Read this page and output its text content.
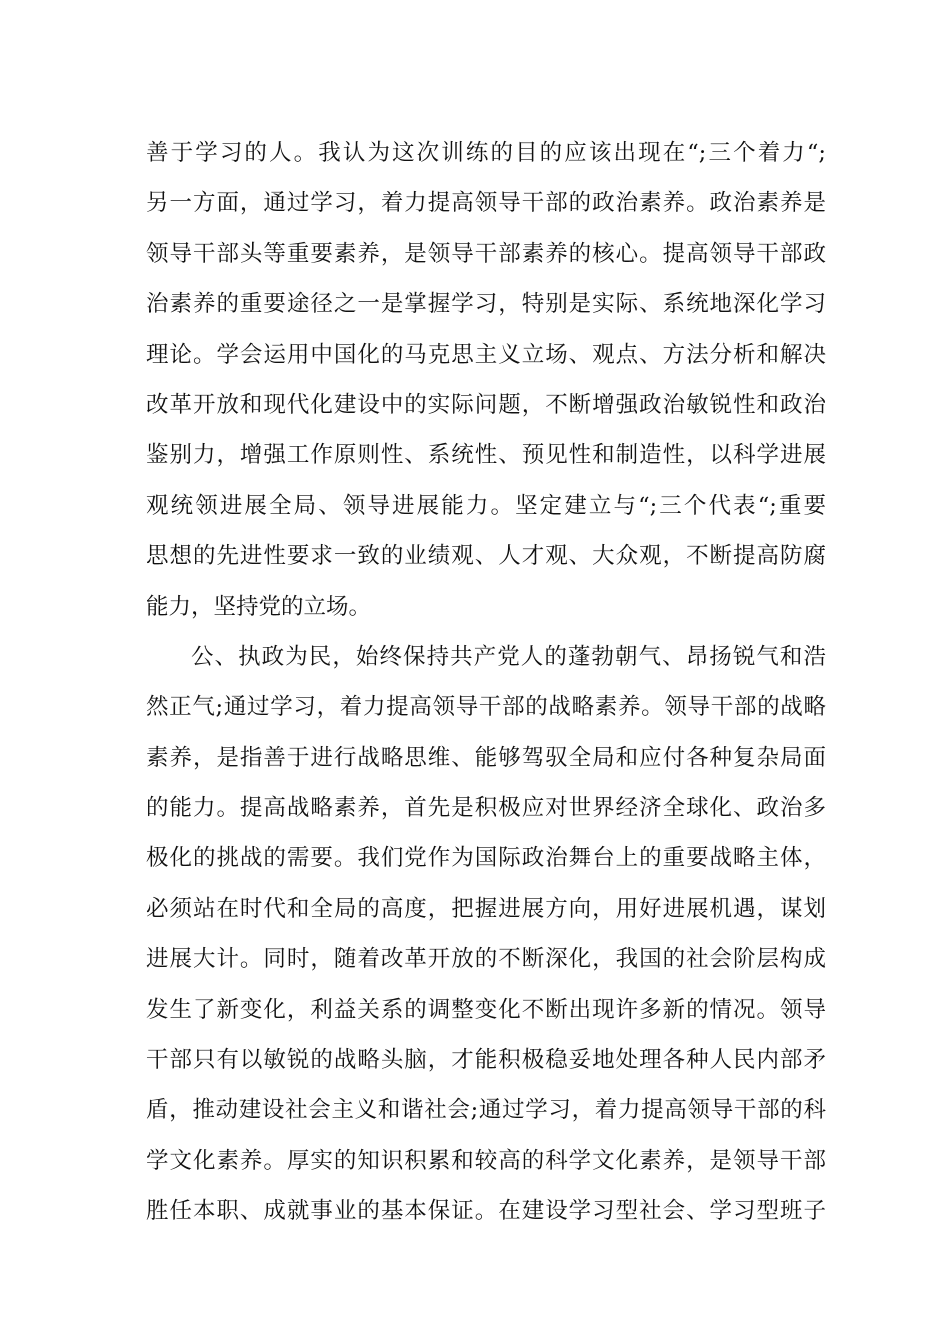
善于学习的人。我认为这次训练的目的应该出现在“;三个着力“;
另一方面，通过学习，着力提高领导干部的政治素养。政治素养是
领导干部头等重要素养，是领导干部素养的核心。提高领导干部政
治素养的重要途径之一是掌握学习，特别是实际、系统地深化学习
理论。学会运用中国化的马克思主义立场、观点、方法分析和解决
改革开放和现代化建设中的实际问题，不断增强政治敏锐性和政治
鉴别力，增强工作原则性、系统性、预见性和制造性，以科学进展
观统领进展全局、领导进展能力。坚定建立与“;三个代表“;重要
思想的先进性要求一致的业绩观、人才观、大众观，不断提高防腐
能力，坚持党的立场。
公、执政为民，始终保持共产党人的蓬勃朝气、昂扬锐气和浩
然正气;通过学习，着力提高领导干部的战略素养。领导干部的战略
素养，是指善于进行战略思维、能够驾驭全局和应付各种复杂局面
的能力。提高战略素养，首先是积极应对世界经济全球化、政治多
极化的挑战的需要。我们党作为国际政治舞台上的重要战略主体，
必须站在时代和全局的高度，把握进展方向，用好进展机遇，谋划
进展大计。同时，随着改革开放的不断深化，我国的社会阶层构成
发生了新变化，利益关系的调整变化不断出现许多新的情况。领导
干部只有以敏锐的战略头脑，才能积极稳妥地处理各种人民内部矛
盾，推动建设社会主义和谐社会;通过学习，着力提高领导干部的科
学文化素养。厚实的知识积累和较高的科学文化素养，是领导干部
胜任本职、成就事业的基本保证。在建设学习型社会、学习型班子
